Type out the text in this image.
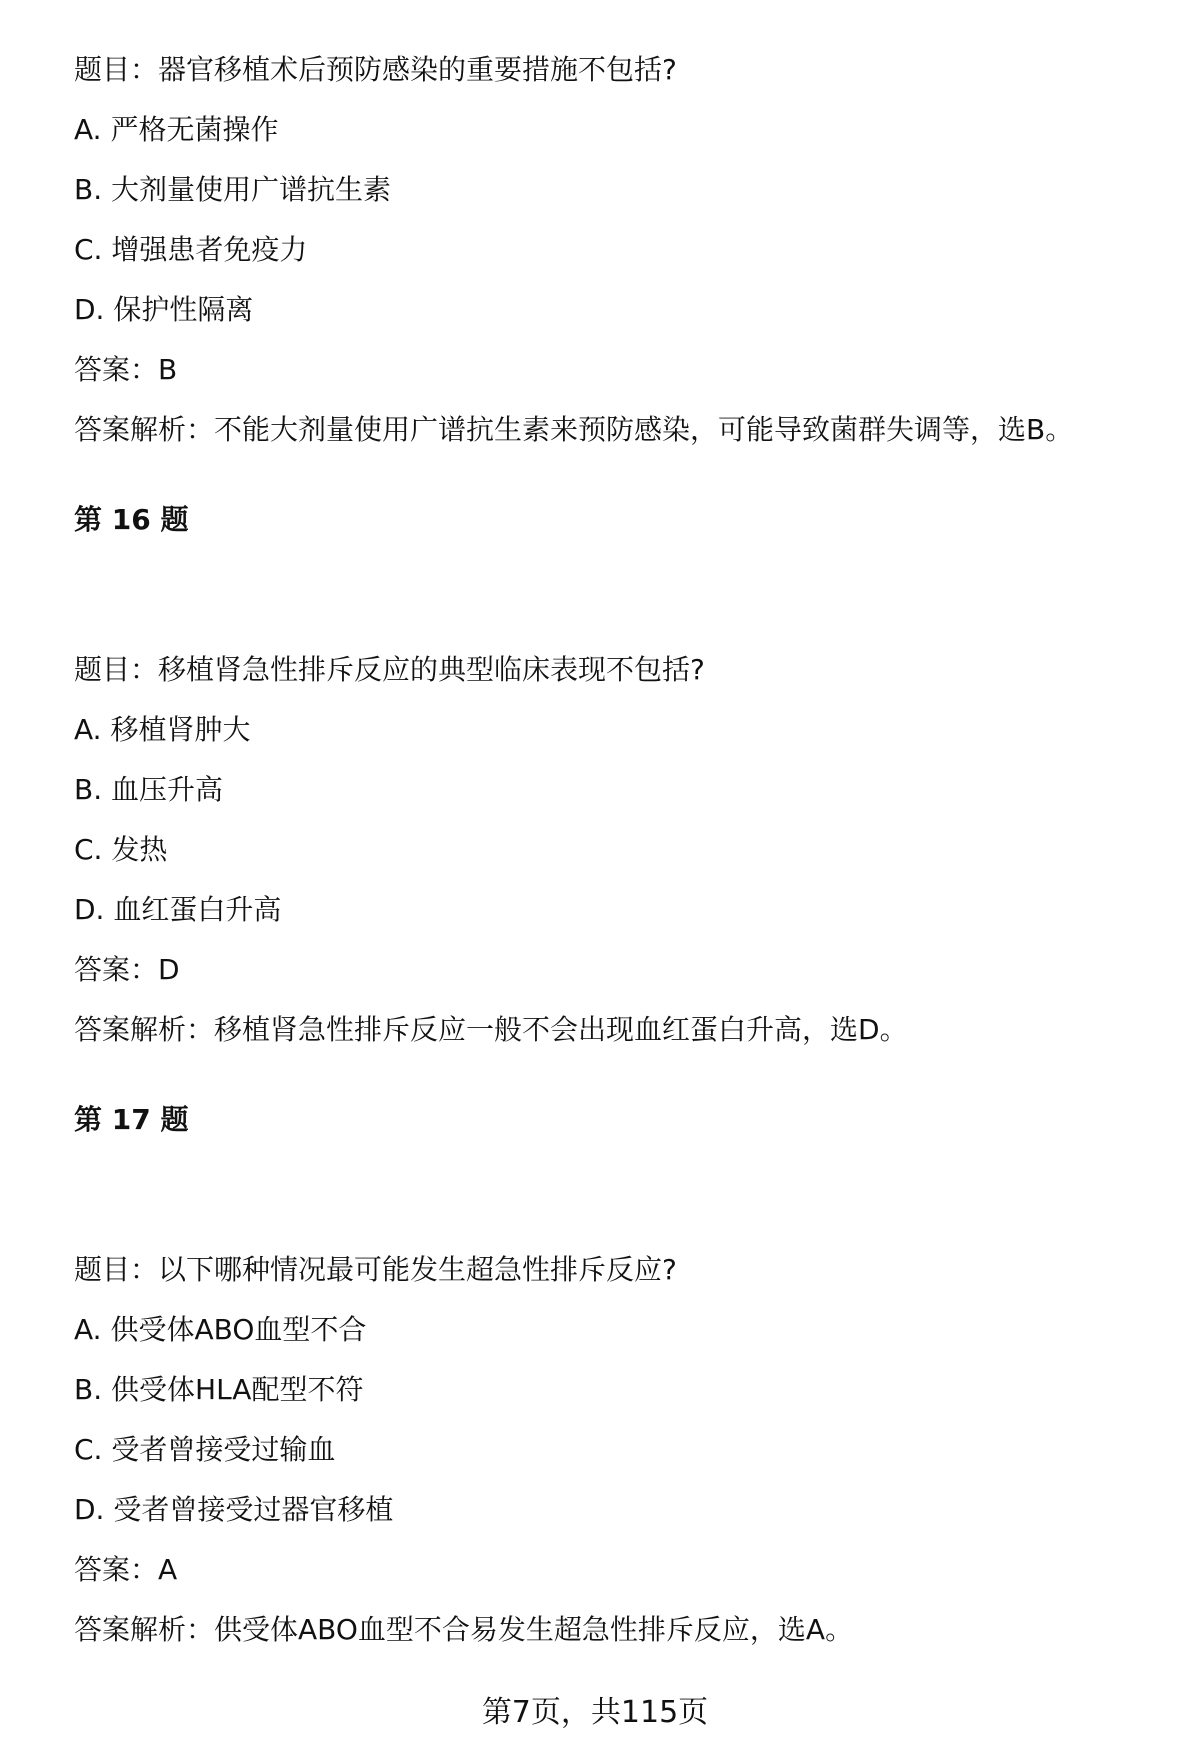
题目：器官移植术后预防感染的重要措施不包括?
A. 严格无菌操作
B. 大剂量使用广谱抗生素
C. 增强患者免疫力
D. 保护性隔离
答案：B
答案解析：不能大剂量使用广谱抗生素来预防感染，可能导致菌群失调等，选B。
第 16 题
题目：移植肾急性排斥反应的典型临床表现不包括?
A. 移植肾肿大
B. 血压升高
C. 发热
D. 血红蛋白升高
答案：D
答案解析：移植肾急性排斥反应一般不会出现血红蛋白升高，选D。
第 17 题
题目：以下哪种情况最可能发生超急性排斥反应?
A. 供受体ABO血型不合
B. 供受体HLA配型不符
C. 受者曾接受过输血
D. 受者曾接受过器官移植
答案：A
答案解析：供受体ABO血型不合易发生超急性排斥反应，选A。
第7页，共115页
